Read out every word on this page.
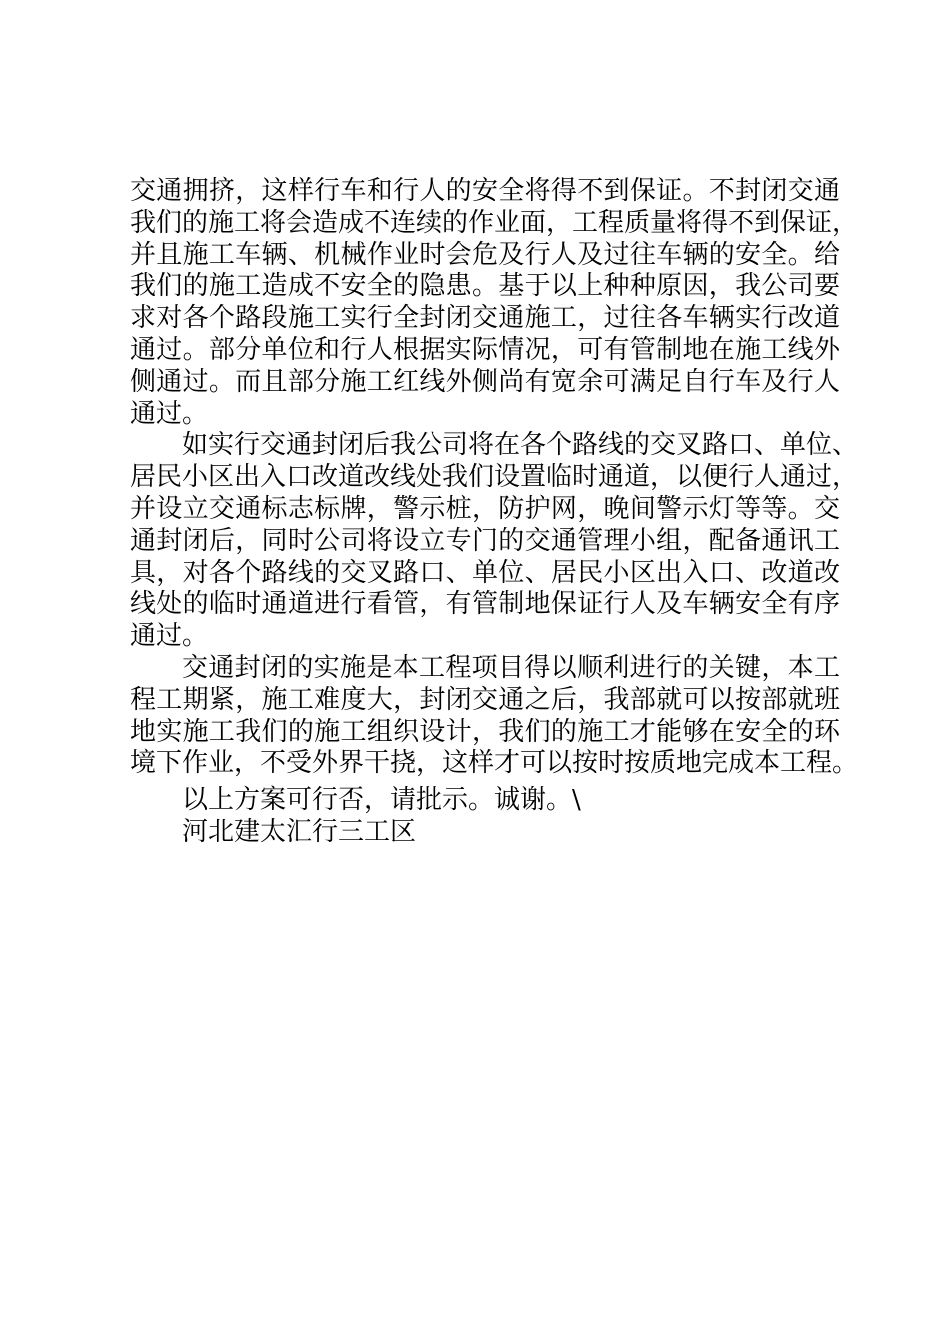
交通拥挤，这样行车和行人的安全将得不到保证。不封闭交通
我们的施工将会造成不连续的作业面，工程质量将得不到保证，
并且施工车辆、机械作业时会危及行人及过往车辆的安全。给
我们的施工造成不安全的隐患。基于以上种种原因，我公司要
求对各个路段施工实行全封闭交通施工，过往各车辆实行改道
通过。部分单位和行人根据实际情况，可有管制地在施工线外
侧通过。而且部分施工红线外侧尚有宽余可满足自行车及行人
通过。
如实行交通封闭后我公司将在各个路线的交叉路口、单位、
居民小区出入口改道改线处我们设置临时通道，以便行人通过，
并设立交通标志标牌，警示桩，防护网，晚间警示灯等等。交
通封闭后，同时公司将设立专门的交通管理小组，配备通讯工
具，对各个路线的交叉路口、单位、居民小区出入口、改道改
线处的临时通道进行看管，有管制地保证行人及车辆安全有序
通过。
交通封闭的实施是本工程项目得以顺利进行的关键，本工
程工期紧，施工难度大，封闭交通之后，我部就可以按部就班
地实施工我们的施工组织设计，我们的施工才能够在安全的环
境下作业，不受外界干挠，这样才可以按时按质地完成本工程。
以上方案可行否，请批示。诚谢。\
河北建太汇行三工区
